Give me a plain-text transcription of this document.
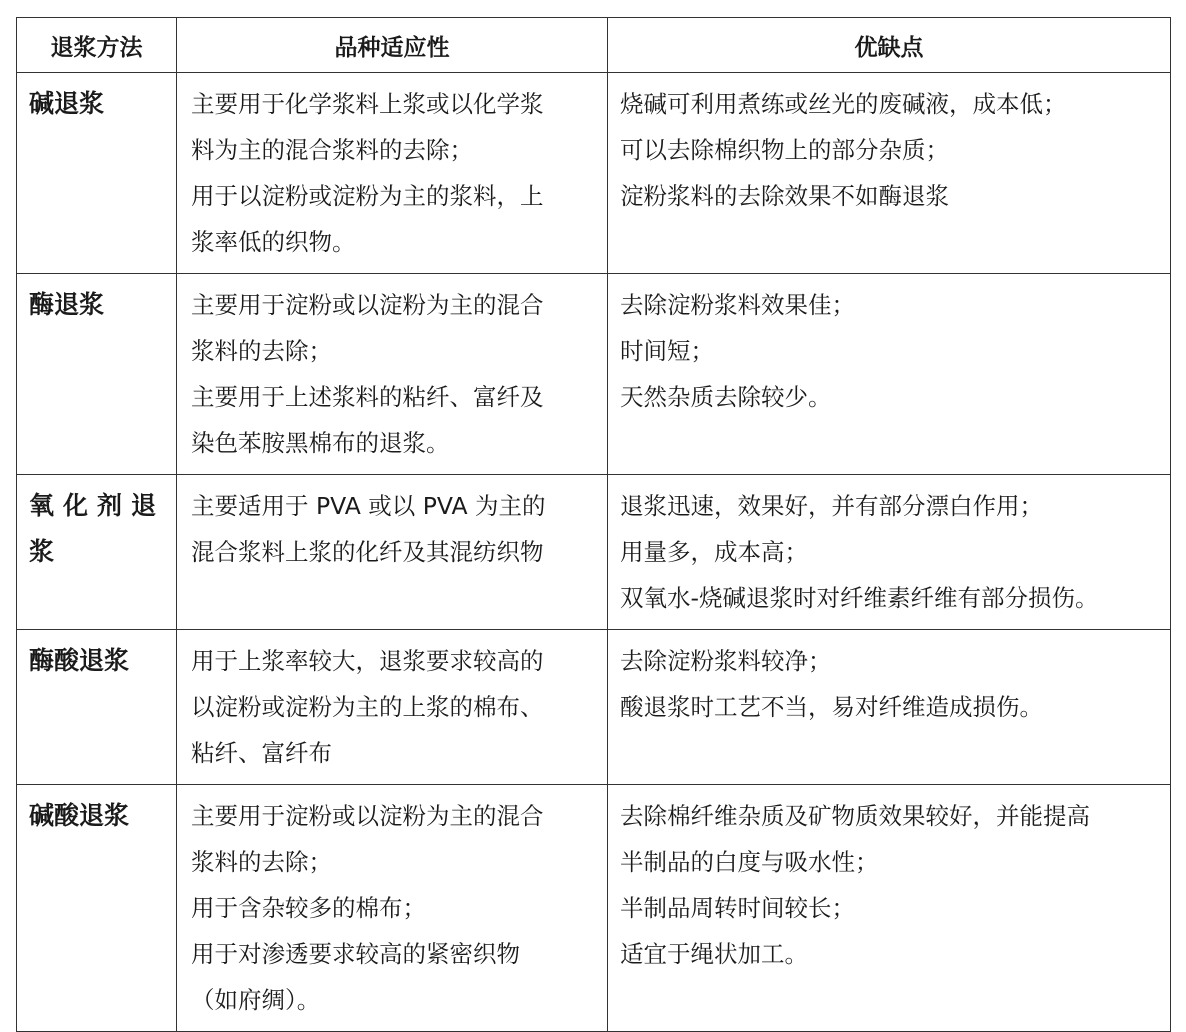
退浆方法	品种适应性	优缺点

碱退浆	主要用于化学浆料上浆或以化学浆
料为主的混合浆料的去除；
用于以淀粉或淀粉为主的浆料，上
浆率低的织物。	烧碱可利用煮练或丝光的废碱液，成本低；
可以去除棉织物上的部分杂质；
淀粉浆料的去除效果不如酶退浆

酶退浆	主要用于淀粉或以淀粉为主的混合
浆料的去除；
主要用于上述浆料的粘纤、富纤及
染色苯胺黑棉布的退浆。	去除淀粉浆料效果佳；
时间短；
天然杂质去除较少。

氧化剂退
浆	主要适用于 PVA 或以 PVA 为主的
混合浆料上浆的化纤及其混纺织物	退浆迅速，效果好，并有部分漂白作用；
用量多，成本高；
双氧水-烧碱退浆时对纤维素纤维有部分损伤。

酶酸退浆	用于上浆率较大，退浆要求较高的
以淀粉或淀粉为主的上浆的棉布、
粘纤、富纤布	去除淀粉浆料较净；
酸退浆时工艺不当，易对纤维造成损伤。

碱酸退浆	主要用于淀粉或以淀粉为主的混合
浆料的去除；
用于含杂较多的棉布；
用于对渗透要求较高的紧密织物
（如府绸）。	去除棉纤维杂质及矿物质效果较好，并能提高
半制品的白度与吸水性；
半制品周转时间较长；
适宜于绳状加工。
